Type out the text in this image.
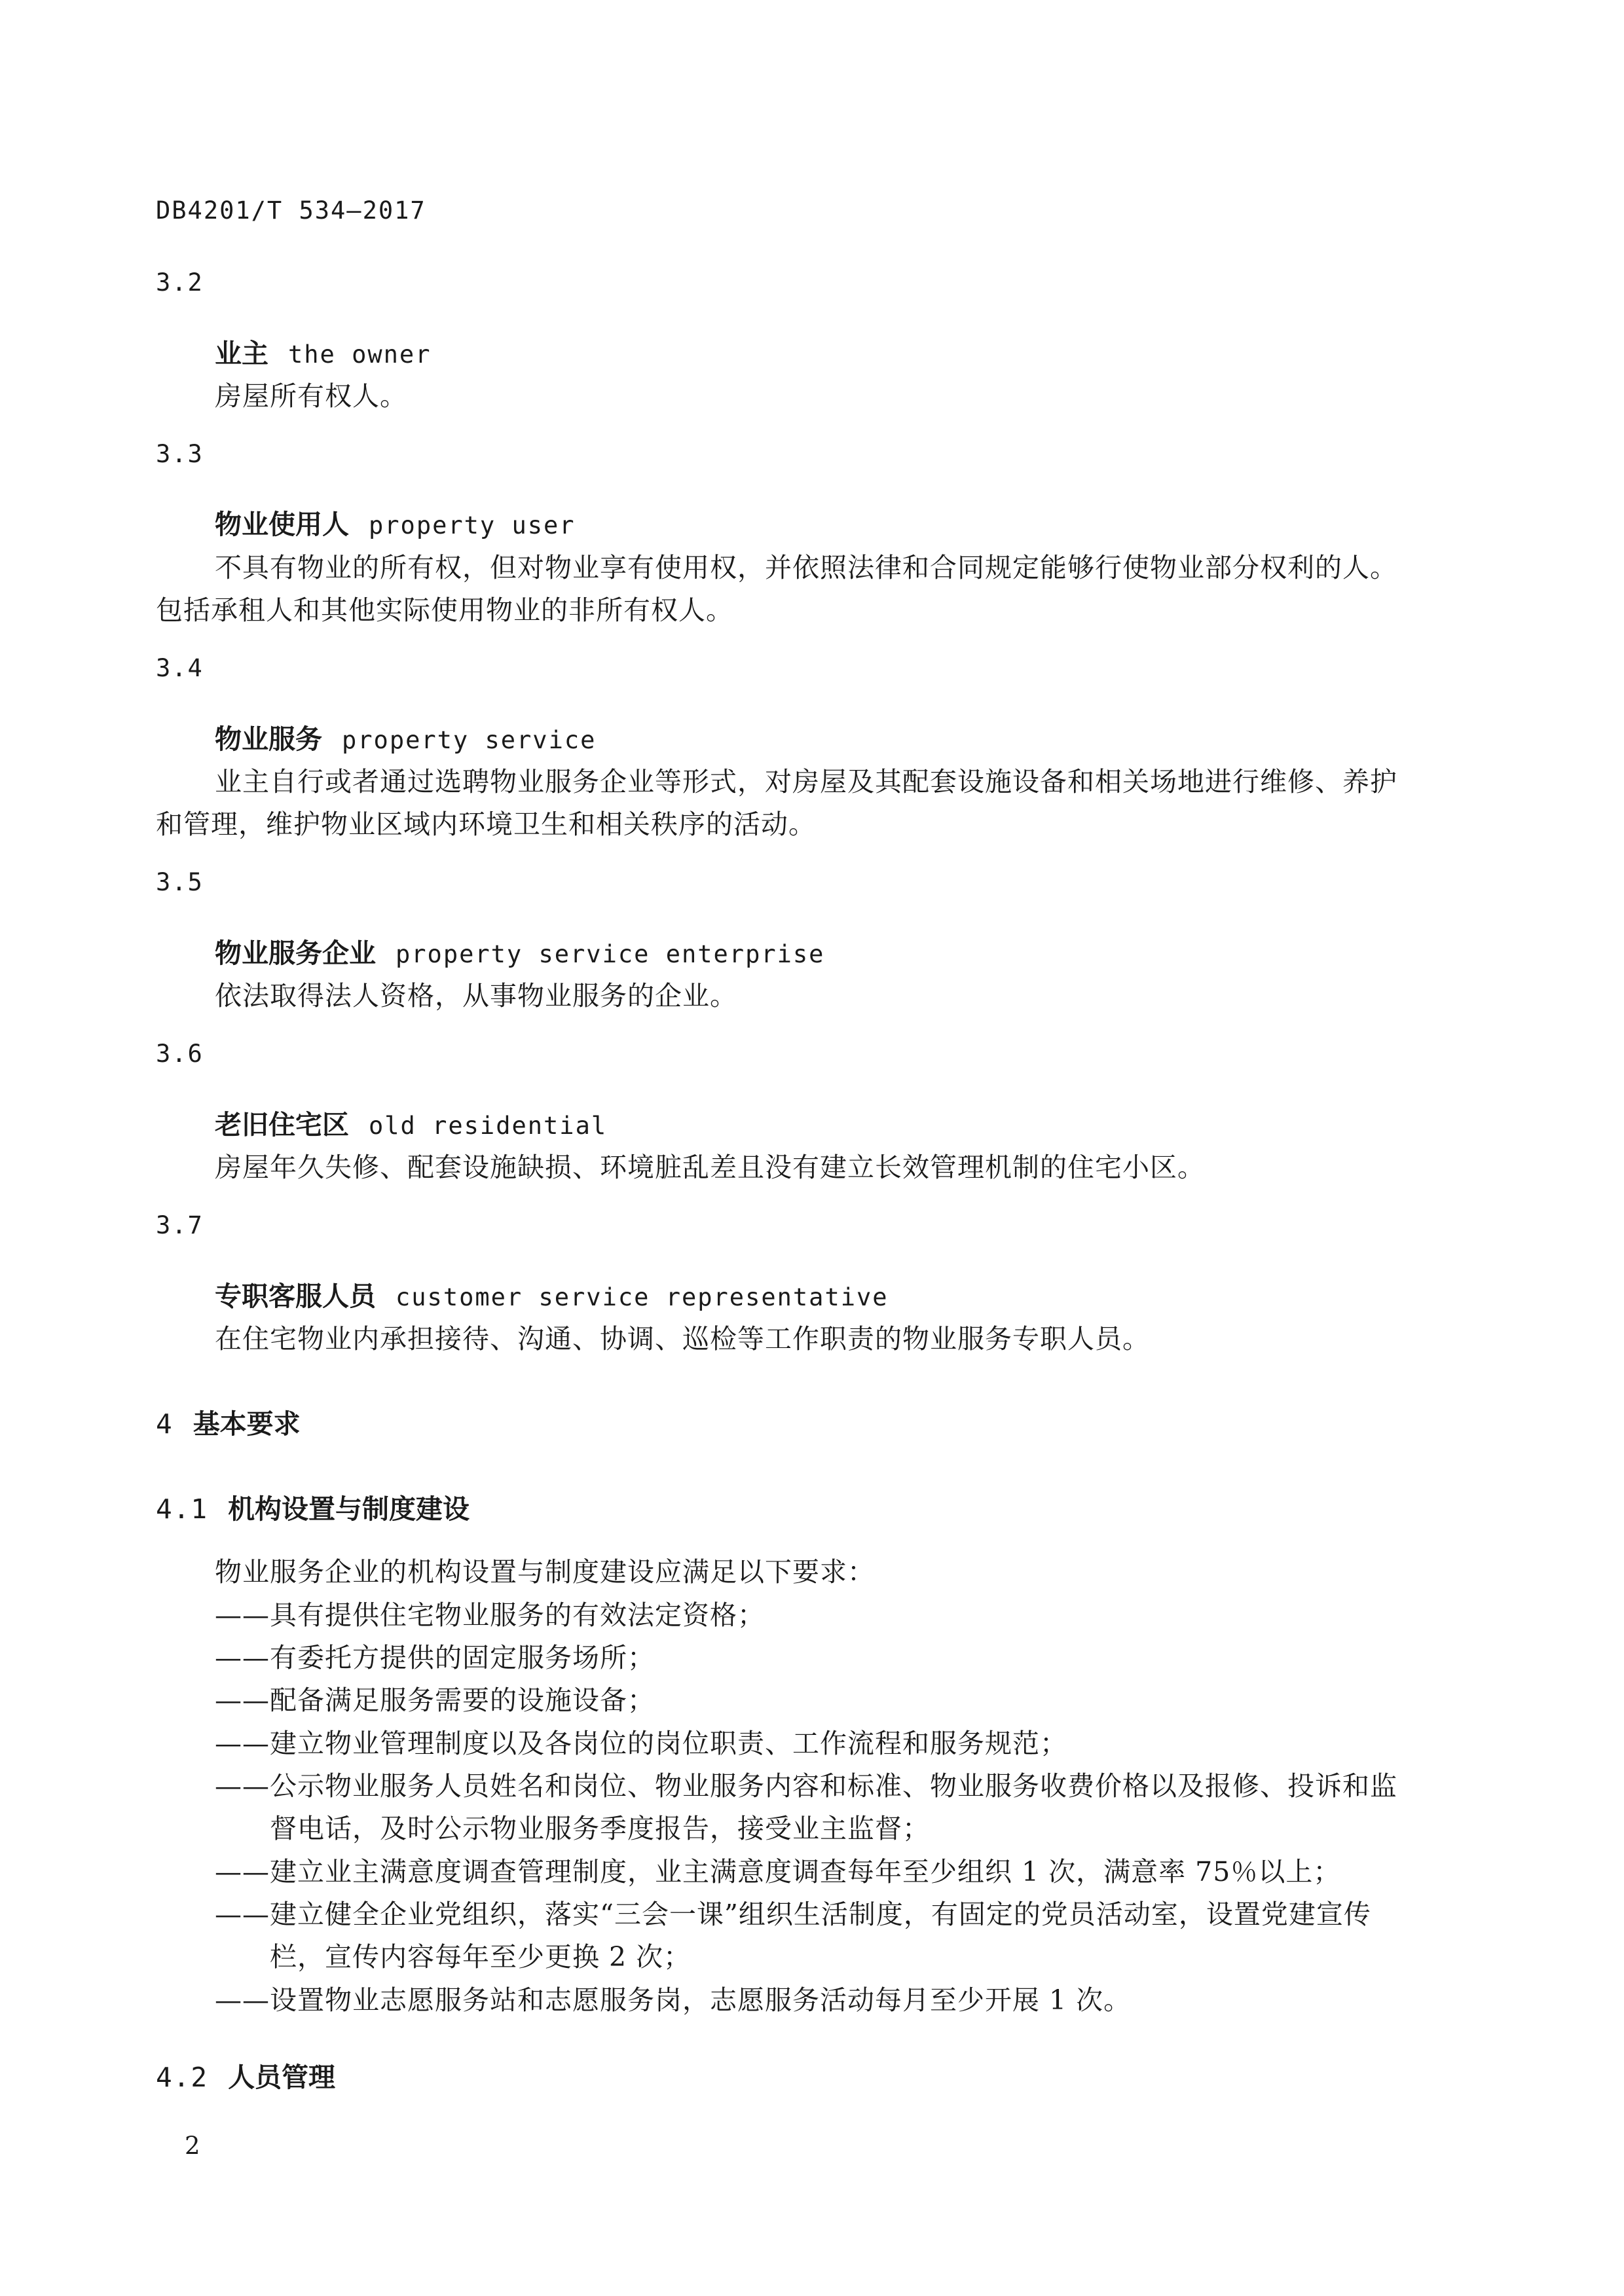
DB4201/T 534—2017
3.2
业主 the owner
房屋所有权人。
3.3
物业使用人 property user
不具有物业的所有权，但对物业享有使用权，并依照法律和合同规定能够行使物业部分权利的人。
包括承租人和其他实际使用物业的非所有权人。
3.4
物业服务 property service
业主自行或者通过选聘物业服务企业等形式，对房屋及其配套设施设备和相关场地进行维修、养护
和管理，维护物业区域内环境卫生和相关秩序的活动。
3.5
物业服务企业 property service enterprise
依法取得法人资格，从事物业服务的企业。
3.6
老旧住宅区 old residential
房屋年久失修、配套设施缺损、环境脏乱差且没有建立长效管理机制的住宅小区。
3.7
专职客服人员 customer service representative
在住宅物业内承担接待、沟通、协调、巡检等工作职责的物业服务专职人员。
4 基本要求
4.1 机构设置与制度建设
物业服务企业的机构设置与制度建设应满足以下要求：
——具有提供住宅物业服务的有效法定资格；
——有委托方提供的固定服务场所；
——配备满足服务需要的设施设备；
——建立物业管理制度以及各岗位的岗位职责、工作流程和服务规范；
——公示物业服务人员姓名和岗位、物业服务内容和标准、物业服务收费价格以及报修、投诉和监
督电话，及时公示物业服务季度报告，接受业主监督；
——建立业主满意度调查管理制度，业主满意度调查每年至少组织 1 次，满意率 75％以上；
——建立健全企业党组织，落实“三会一课”组织生活制度，有固定的党员活动室，设置党建宣传
栏，宣传内容每年至少更换 2 次；
——设置物业志愿服务站和志愿服务岗，志愿服务活动每月至少开展 1 次。
4.2 人员管理
2
